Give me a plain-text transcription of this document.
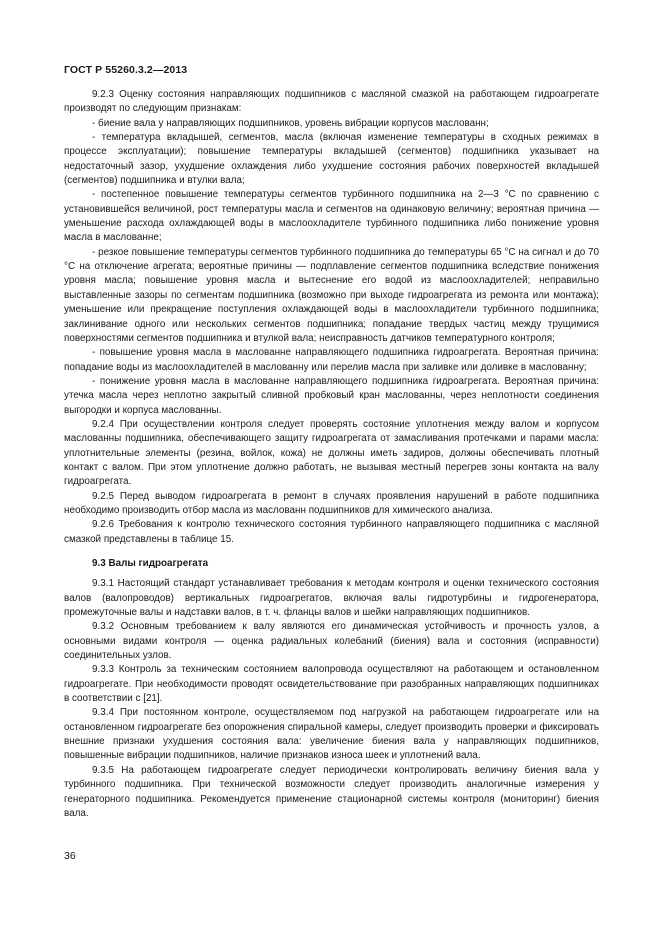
ГОСТ Р 55260.3.2—2013

9.2.3 Оценку состояния направляющих подшипников с масляной смазкой на работающем гидроагрегате производят по следующим признакам:

- биение вала у направляющих подшипников, уровень вибрации корпусов маслованн;

- температура вкладышей, сегментов, масла (включая изменение температуры в сходных режимах в процессе эксплуатации); повышение температуры вкладышей (сегментов) подшипника указывает на недостаточный зазор, ухудшение охлаждения либо ухудшение состояния рабочих поверхностей вкладышей (сегментов) подшипника и втулки вала;

- постепенное повышение температуры сегментов турбинного подшипника на 2—3 °С по сравнению с установившейся величиной, рост температуры масла и сегментов на одинаковую величину; вероятная причина — уменьшение расхода охлаждающей воды в маслоохладителе турбинного подшипника либо понижение уровня масла в маслованне;

- резкое повышение температуры сегментов турбинного подшипника до температуры 65 °С на сигнал и до 70 °С на отключение агрегата; вероятные причины — подплавление сегментов подшипника вследствие понижения уровня масла; повышение уровня масла и вытеснение его водой из маслоохладителей; неправильно выставленные зазоры по сегментам подшипника (возможно при выходе гидроагрегата из ремонта или монтажа); уменьшение или прекращение поступления охлаждающей воды в маслоохладители турбинного подшипника; заклинивание одного или нескольких сегментов подшипника; попадание твердых частиц между трущимися поверхностями сегментов подшипника и втулкой вала; неисправность датчиков температурного контроля;

- повышение уровня масла в маслованне направляющего подшипника гидроагрегата. Вероятная причина: попадание воды из маслоохладителей в маслованну или перелив масла при заливке или доливке в маслованну;

- понижение уровня масла в маслованне направляющего подшипника гидроагрегата. Вероятная причина: утечка масла через неплотно закрытый сливной пробковый кран маслованны, через неплотности соединения выгородки и корпуса маслованны.

9.2.4 При осуществлении контроля следует проверять состояние уплотнения между валом и корпусом маслованны подшипника, обеспечивающего защиту гидроагрегата от замасливания протечками и парами масла: уплотнительные элементы (резина, войлок, кожа) не должны иметь задиров, должны обеспечивать плотный контакт с валом. При этом уплотнение должно работать, не вызывая местный перегрев зоны контакта на валу гидроагрегата.

9.2.5 Перед выводом гидроагрегата в ремонт в случаях проявления нарушений в работе подшипника необходимо производить отбор масла из маслованн подшипников для химического анализа.

9.2.6 Требования к контролю технического состояния турбинного направляющего подшипника с масляной смазкой представлены в таблице 15.

9.3 Валы гидроагрегата

9.3.1 Настоящий стандарт устанавливает требования к методам контроля и оценки технического состояния валов (валопроводов) вертикальных гидроагрегатов, включая валы гидротурбины и гидрогенератора, промежуточные валы и надставки валов, в т. ч. фланцы валов и шейки направляющих подшипников.

9.3.2 Основным требованием к валу являются его динамическая устойчивость и прочность узлов, а основными видами контроля — оценка радиальных колебаний (биения) вала и состояния (исправности) соединительных узлов.

9.3.3 Контроль за техническим состоянием валопровода осуществляют на работающем и остановленном гидроагрегате. При необходимости проводят освидетельствование при разобранных направляющих подшипниках в соответствии с [21].

9.3.4 При постоянном контроле, осуществляемом под нагрузкой на работающем гидроагрегате или на остановленном гидроагрегате без опорожнения спиральной камеры, следует производить проверки и фиксировать внешние признаки ухудшения состояния вала: увеличение биения вала у направляющих подшипников, повышенные вибрации подшипников, наличие признаков износа шеек и уплотнений вала.

9.3.5 На работающем гидроагрегате следует периодически контролировать величину биения вала у турбинного подшипника. При технической возможности следует производить аналогичные измерения у генераторного подшипника. Рекомендуется применение стационарной системы контроля (мониторинг) биения вала.

36
